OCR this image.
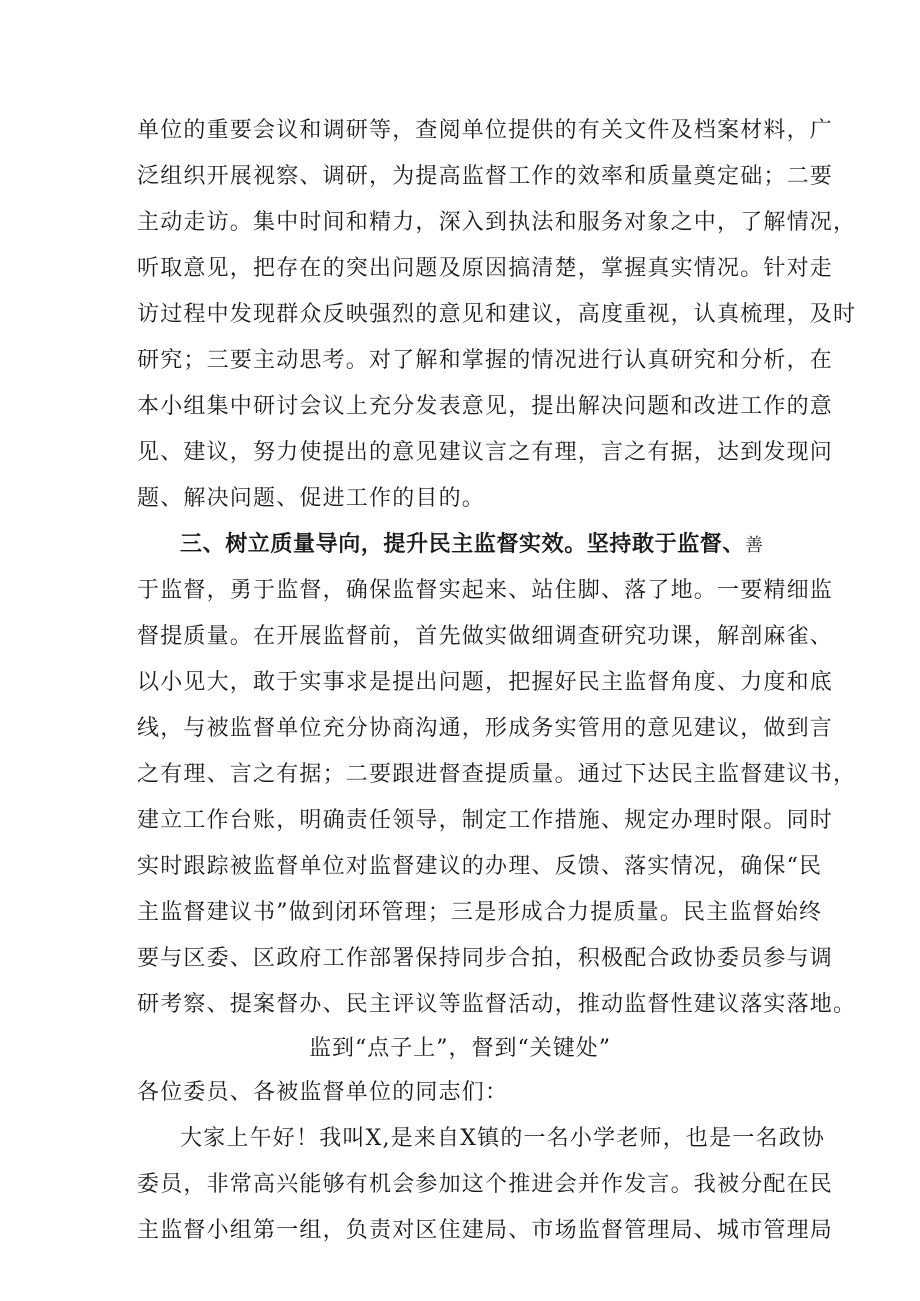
单位的重要会议和调研等，查阅单位提供的有关文件及档案材料，广
泛组织开展视察、调研，为提高监督工作的效率和质量奠定础；二要
主动走访。集中时间和精力，深入到执法和服务对象之中，了解情况，
听取意见，把存在的突出问题及原因搞清楚，掌握真实情况。针对走
访过程中发现群众反映强烈的意见和建议，高度重视，认真梳理，及时
研究；三要主动思考。对了解和掌握的情况进行认真研究和分析，在
本小组集中研讨会议上充分发表意见，提出解决问题和改进工作的意
见、建议，努力使提出的意见建议言之有理，言之有据，达到发现问
题、解决问题、促进工作的目的。
三、树立质量导向，提升民主监督实效。坚持敢于监督、善
于监督，勇于监督，确保监督实起来、站住脚、落了地。一要精细监
督提质量。在开展监督前，首先做实做细调查研究功课，解剖麻雀、
以小见大，敢于实事求是提出问题，把握好民主监督角度、力度和底
线，与被监督单位充分协商沟通，形成务实管用的意见建议，做到言
之有理、言之有据；二要跟进督查提质量。通过下达民主监督建议书，
建立工作台账，明确责任领导，制定工作措施、规定办理时限。同时
实时跟踪被监督单位对监督建议的办理、反馈、落实情况，确保“民
主监督建议书”做到闭环管理；三是形成合力提质量。民主监督始终
要与区委、区政府工作部署保持同步合拍，积极配合政协委员参与调
研考察、提案督办、民主评议等监督活动，推动监督性建议落实落地。
监到“点子上”，督到“关键处”
各位委员、各被监督单位的同志们：
大家上午好！我叫X,是来自X镇的一名小学老师，也是一名政协
委员，非常高兴能够有机会参加这个推进会并作发言。我被分配在民
主监督小组第一组，负责对区住建局、市场监督管理局、城市管理局
